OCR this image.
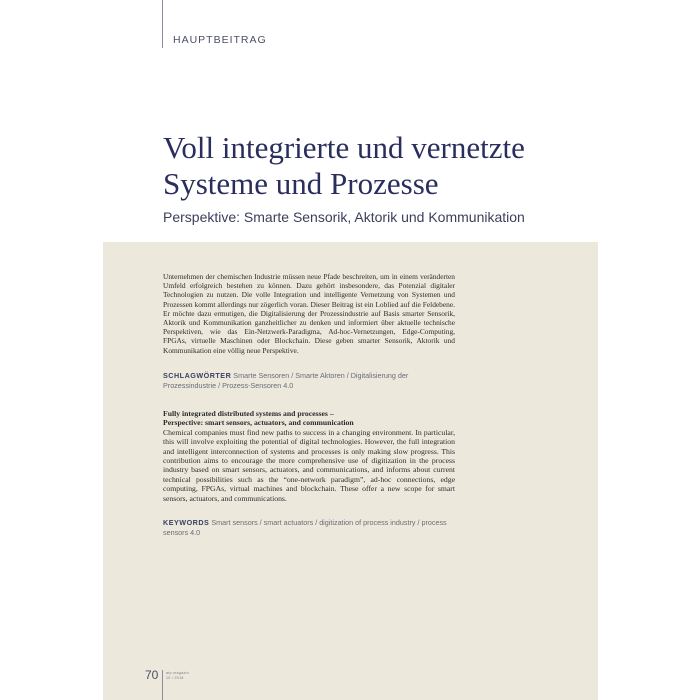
HAUPTBEITRAG
Voll integrierte und vernetzte
Systeme und Prozesse

Perspektive: Smarte Sensorik, Aktorik und Kommunikation

Unternehmen der chemischen Industrie müssen neue Pfade beschreiten, um in einem veränderten Umfeld erfolgreich bestehen zu können. Dazu gehört insbesondere, das Potenzial digitaler Technologien zu nutzen. Die volle Integration und intelligente Vernetzung von Systemen und Prozessen kommt allerdings nur zögerlich voran. Dieser Beitrag ist ein Loblied auf die Feldebene. Er möchte dazu ermutigen, die Digitalisierung der Prozessindustrie auf Basis smarter Sensorik, Aktorik und Kommunikation ganzheitlicher zu denken und informiert über aktuelle technische Perspektiven, wie das Ein-Netzwerk-Paradigma, Ad-hoc-Vernetzungen, Edge-Computing, FPGAs, virtuelle Maschinen oder Blockchain. Diese geben smarter Sensorik, Aktorik und Kommunikation eine völlig neue Perspektive.

SCHLAGWÖRTER Smarte Sensoren / Smarte Aktoren / Digitalisierung der Prozessindustrie / Prozess-Sensoren 4.0

Fully integrated distributed systems and processes –
Perspective: smart sensors, actuators, and communication
Chemical companies must find new paths to success in a changing environment. In particular, this will involve exploiting the potential of digital technologies. However, the full integration and intelligent interconnection of systems and processes is only making slow progress. This contribution aims to encourage the more comprehensive use of digitization in the process industry based on smart sensors, actuators, and communications, and informs about current technical possibilities such as the “one-network paradigm”, ad-hoc connections, edge computing, FPGAs, virtual machines and blockchain. These offer a new scope for smart sensors, actuators, and communications.

KEYWORDS Smart sensors / smart actuators / digitization of process industry / process sensors 4.0

70 atp magazin
10 / 2018
